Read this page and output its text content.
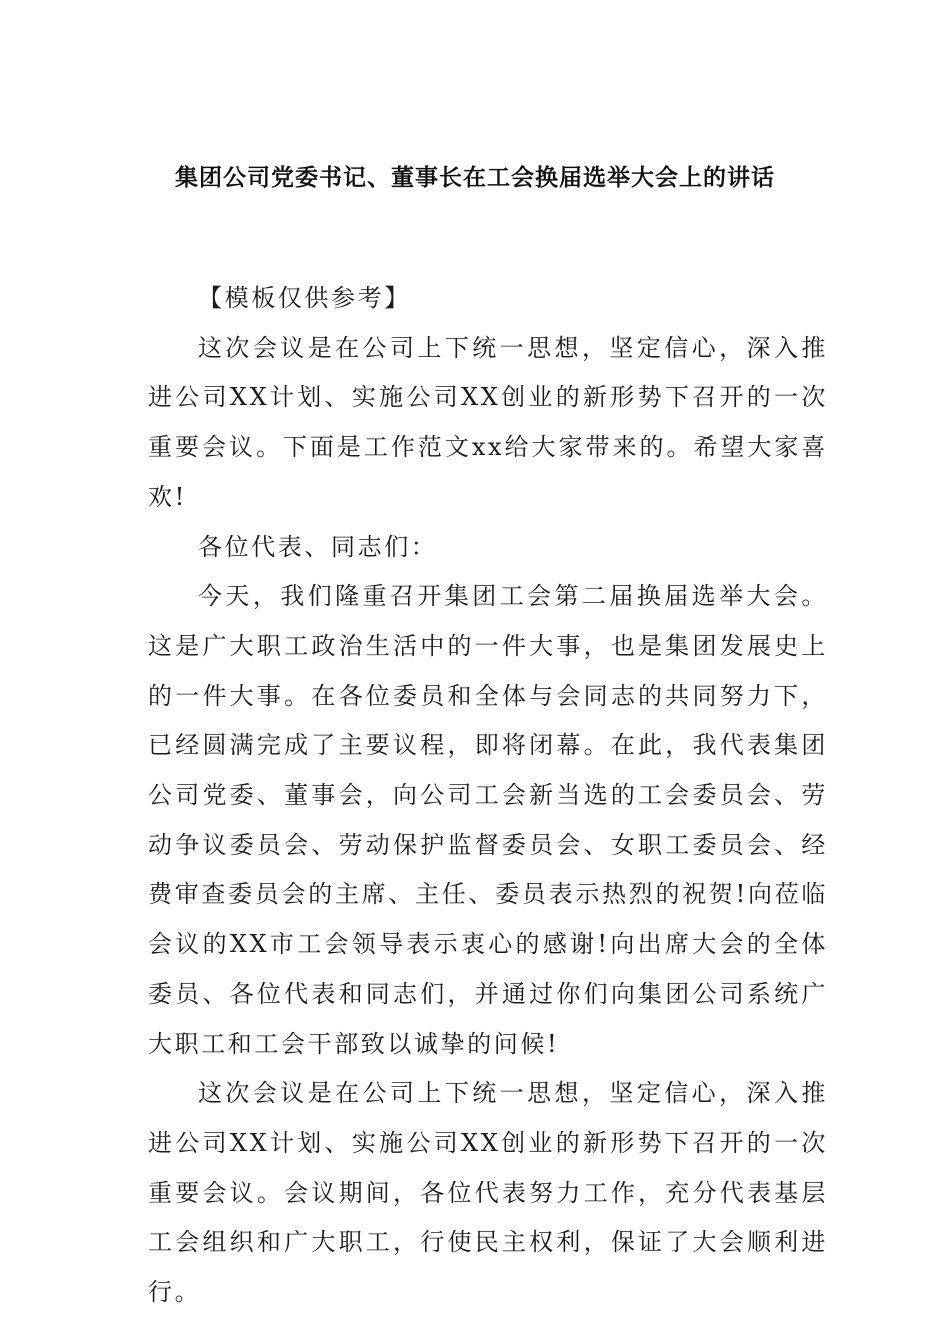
集团公司党委书记、董事长在工会换届选举大会上的讲话

【模板仅供参考】

这次会议是在公司上下统一思想，坚定信心，深入推进公司XX计划、实施公司XX创业的新形势下召开的一次重要会议。下面是工作范文xx给大家带来的。希望大家喜欢!

各位代表、同志们：

今天，我们隆重召开集团工会第二届换届选举大会。这是广大职工政治生活中的一件大事，也是集团发展史上的一件大事。在各位委员和全体与会同志的共同努力下，已经圆满完成了主要议程，即将闭幕。在此，我代表集团公司党委、董事会，向公司工会新当选的工会委员会、劳动争议委员会、劳动保护监督委员会、女职工委员会、经费审查委员会的主席、主任、委员表示热烈的祝贺!向莅临会议的XX市工会领导表示衷心的感谢!向出席大会的全体委员、各位代表和同志们，并通过你们向集团公司系统广大职工和工会干部致以诚挚的问候!

这次会议是在公司上下统一思想，坚定信心，深入推进公司XX计划、实施公司XX创业的新形势下召开的一次重要会议。会议期间，各位代表努力工作，充分代表基层工会组织和广大职工，行使民主权利，保证了大会顺利进行。
